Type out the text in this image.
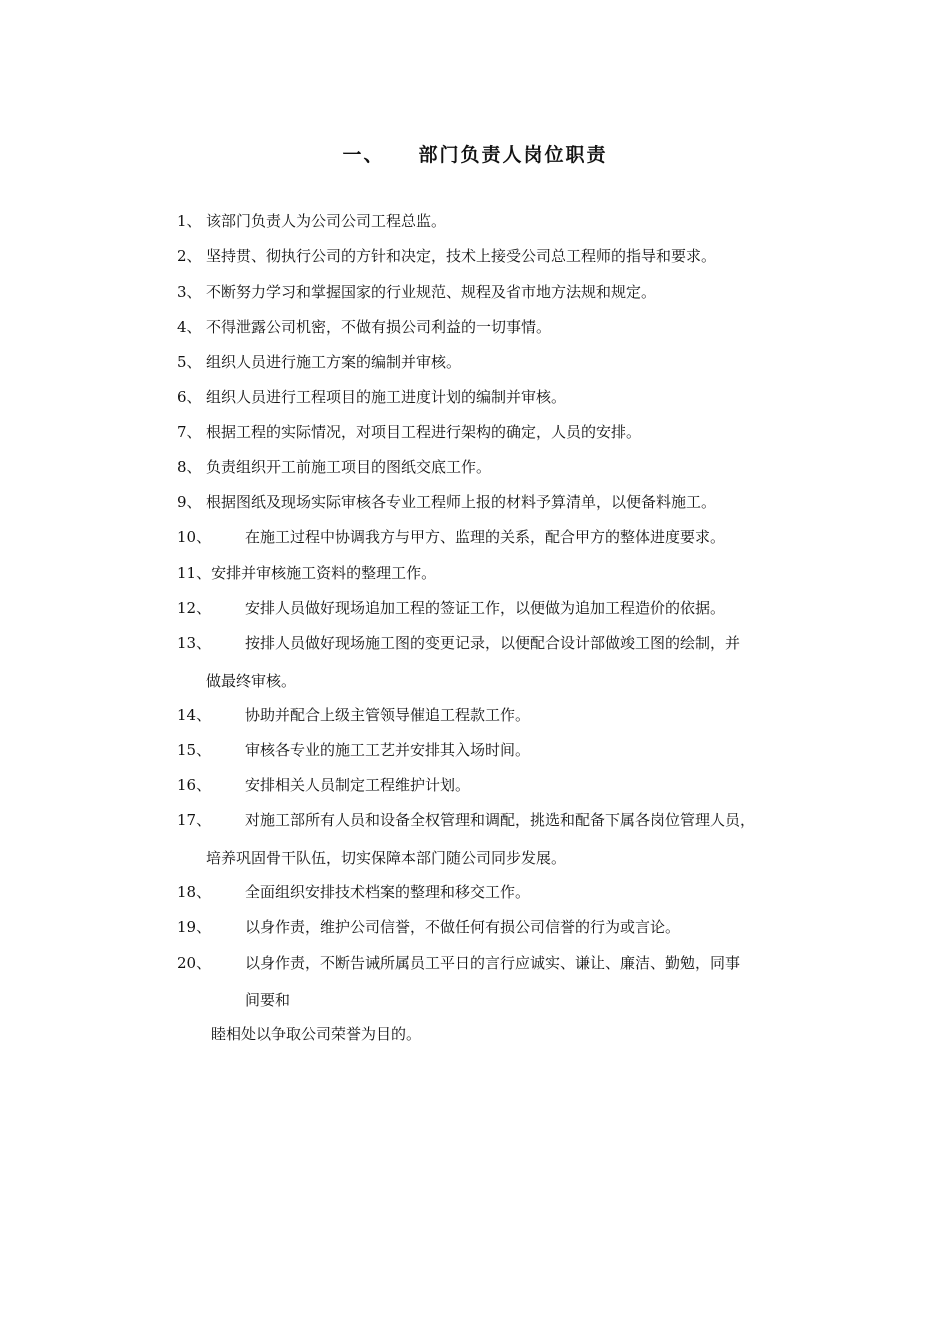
一、 部门负责人岗位职责
1、 该部门负责人为公司公司工程总监。
2、 坚持贯、彻执行公司的方针和决定，技术上接受公司总工程师的指导和要求。
3、 不断努力学习和掌握国家的行业规范、规程及省市地方法规和规定。
4、 不得泄露公司机密，不做有损公司利益的一切事情。
5、 组织人员进行施工方案的编制并审核。
6、 组织人员进行工程项目的施工进度计划的编制并审核。
7、 根据工程的实际情况，对项目工程进行架构的确定，人员的安排。
8、 负责组织开工前施工项目的图纸交底工作。
9、 根据图纸及现场实际审核各专业工程师上报的材料予算清单，以便备料施工。
10、 在施工过程中协调我方与甲方、监理的关系，配合甲方的整体进度要求。
11、安排并审核施工资料的整理工作。
12、 安排人员做好现场追加工程的签证工作，以便做为追加工程造价的依据。
13、 按排人员做好现场施工图的变更记录，以便配合设计部做竣工图的绘制，并
做最终审核。
14、 协助并配合上级主管领导催追工程款工作。
15、 审核各专业的施工工艺并安排其入场时间。
16、 安排相关人员制定工程维护计划。
17、 对施工部所有人员和设备全权管理和调配，挑选和配备下属各岗位管理人员，
培养巩固骨干队伍，切实保障本部门随公司同步发展。
18、 全面组织安排技术档案的整理和移交工作。
19、 以身作责，维护公司信誉，不做任何有损公司信誉的行为或言论。
20、 以身作责，不断告诫所属员工平日的言行应诚实、谦让、廉洁、勤勉，同事
间要和
睦相处以争取公司荣誉为目的。
